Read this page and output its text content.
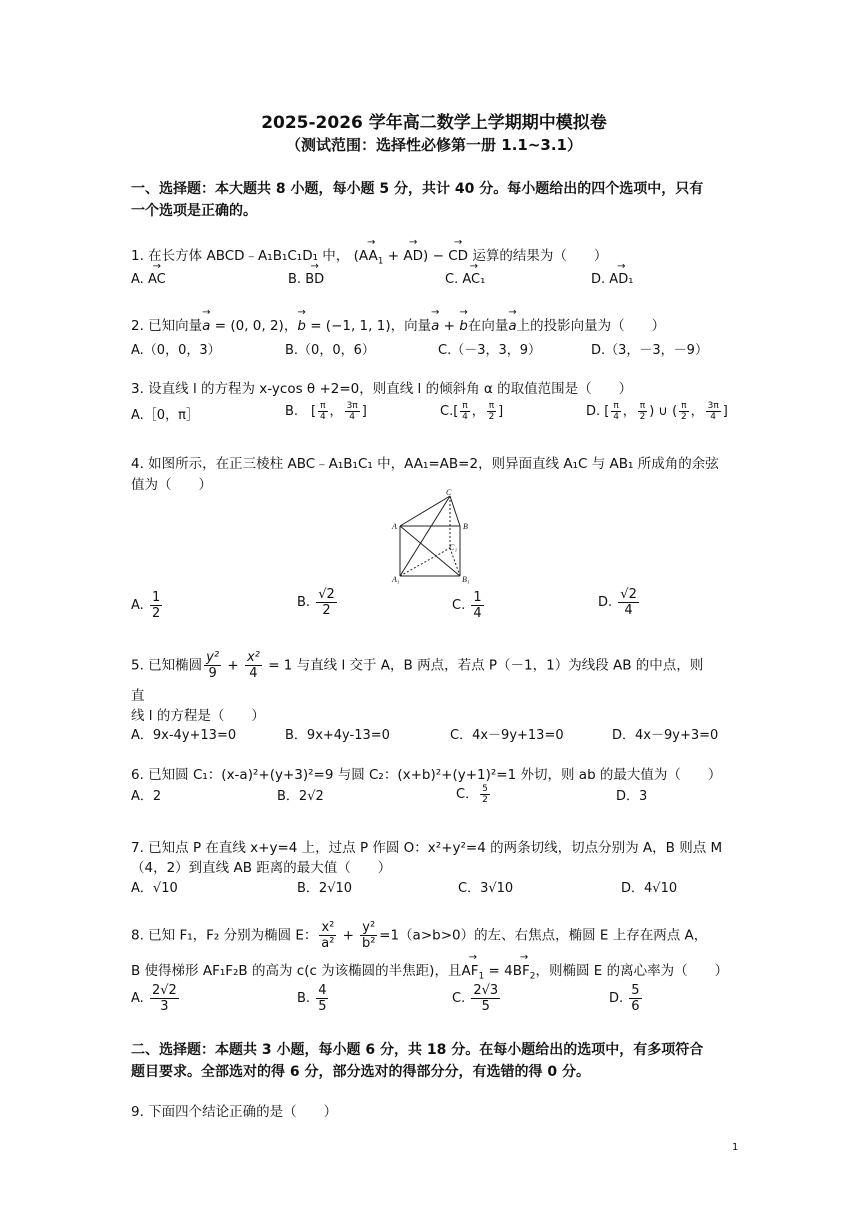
2025-2026 学年高二数学上学期期中模拟卷
（测试范围：选择性必修第一册 1.1~3.1）
一、选择题：本大题共 8 小题，每小题 5 分，共计 40 分。每小题给出的四个选项中，只有
一个选项是正确的。
1. 在长方体 ABCD﹣A₁B₁C₁D₁ 中， (→ $AA_1$ + → AD) − → CD 运算的结果为（　　）
A. → AC	B. → BD	C. → AC₁	D. → AD₁
2. 已知向量→ a = (0, 0, 2)，→ b = (−1, 1, 1)，向量→ a + → b在向量→ a上的投影向量为（　　）
A.（0，0，3）	B.（0，0，6）	C.（－3，3，9）	D.（3，－3，－9）
3. 设直线 l 的方程为 x-ycos θ +2=0，则直线 l 的倾斜角 α 的取值范围是（　　）
A.［0，π］	B.　[ $\frac{\pi}{4}$ ， $\frac{3\pi}{4}$ ]	$C.[ \frac{\pi}{4}$ ， $\frac{\pi}{2}$ ]	D. [ $\frac{\pi}{4}$ ， $\frac{\pi}{2}$ ) ∪ ( $\frac{\pi}{2}$ ， $\frac{3\pi}{4}$ ]
4. 如图所示，在正三棱柱 ABC﹣A₁B₁C₁ 中，AA₁=AB=2，则异面直线 A₁C 与 AB₁ 所成角的余弦
值为（　　）	C
A	B
C₁
A₁	B₁
A. $\frac{1}{2}$	B. $\frac{√2}{2}$	C. $\frac{1}{4}$	D. $\frac{√2}{4}$
5. 已知椭圆 $\frac{\text{y²}}{9} + \frac{\text{x²}}{4} = 1$ 与直线 l 交于 A，B 两点，若点 P（－1，1）为线段 AB 的中点，则
直
线 l 的方程是（　　）
A．9x-4y+13=0	B．9x+4y-13=0	C．4x－9y+13=0	D．4x－9y+3=0
6. 已知圆 C₁：(x-a)²+(y+3)²=9 与圆 C₂：(x+b)²+(y+1)²=1 外切，则 ab 的最大值为（　　）
A．2	B．2√2	C． $\frac{5}{2}$	D．3
7. 已知点 P 在直线 x+y=4 上，过点 P 作圆 O：x²+y²=4 的两条切线，切点分别为 A，B 则点 M
（4，2）到直线 AB 距离的最大值（　　）
A．√10	B．2√10	C．3√10	D．4√10
8. 已知 F₁，F₂ 分别为椭圆 E： $\frac{\text{x²}}{\text{a²}} + \frac{\text{y²}}{\text{b²}} =1(a>b>0)$的左、右焦点，椭圆 E 上存在两点 A，
B 使得梯形 AF₁F₂B 的高为 c(c 为该椭圆的半焦距)，且→ $AF_1 = 4\to BF_2$，则椭圆 E 的离心率为（　　）
A. $\frac{2√2}{3}$	B. $\frac{4}{5}$	C. $\frac{2√3}{5}$	D. $\frac{5}{6}$
二、选择题：本题共 3 小题，每小题 6 分，共 18 分。在每小题给出的选项中，有多项符合
题目要求。全部选对的得 6 分，部分选对的得部分分，有选错的得 0 分。
9. 下面四个结论正确的是（　　）
1
